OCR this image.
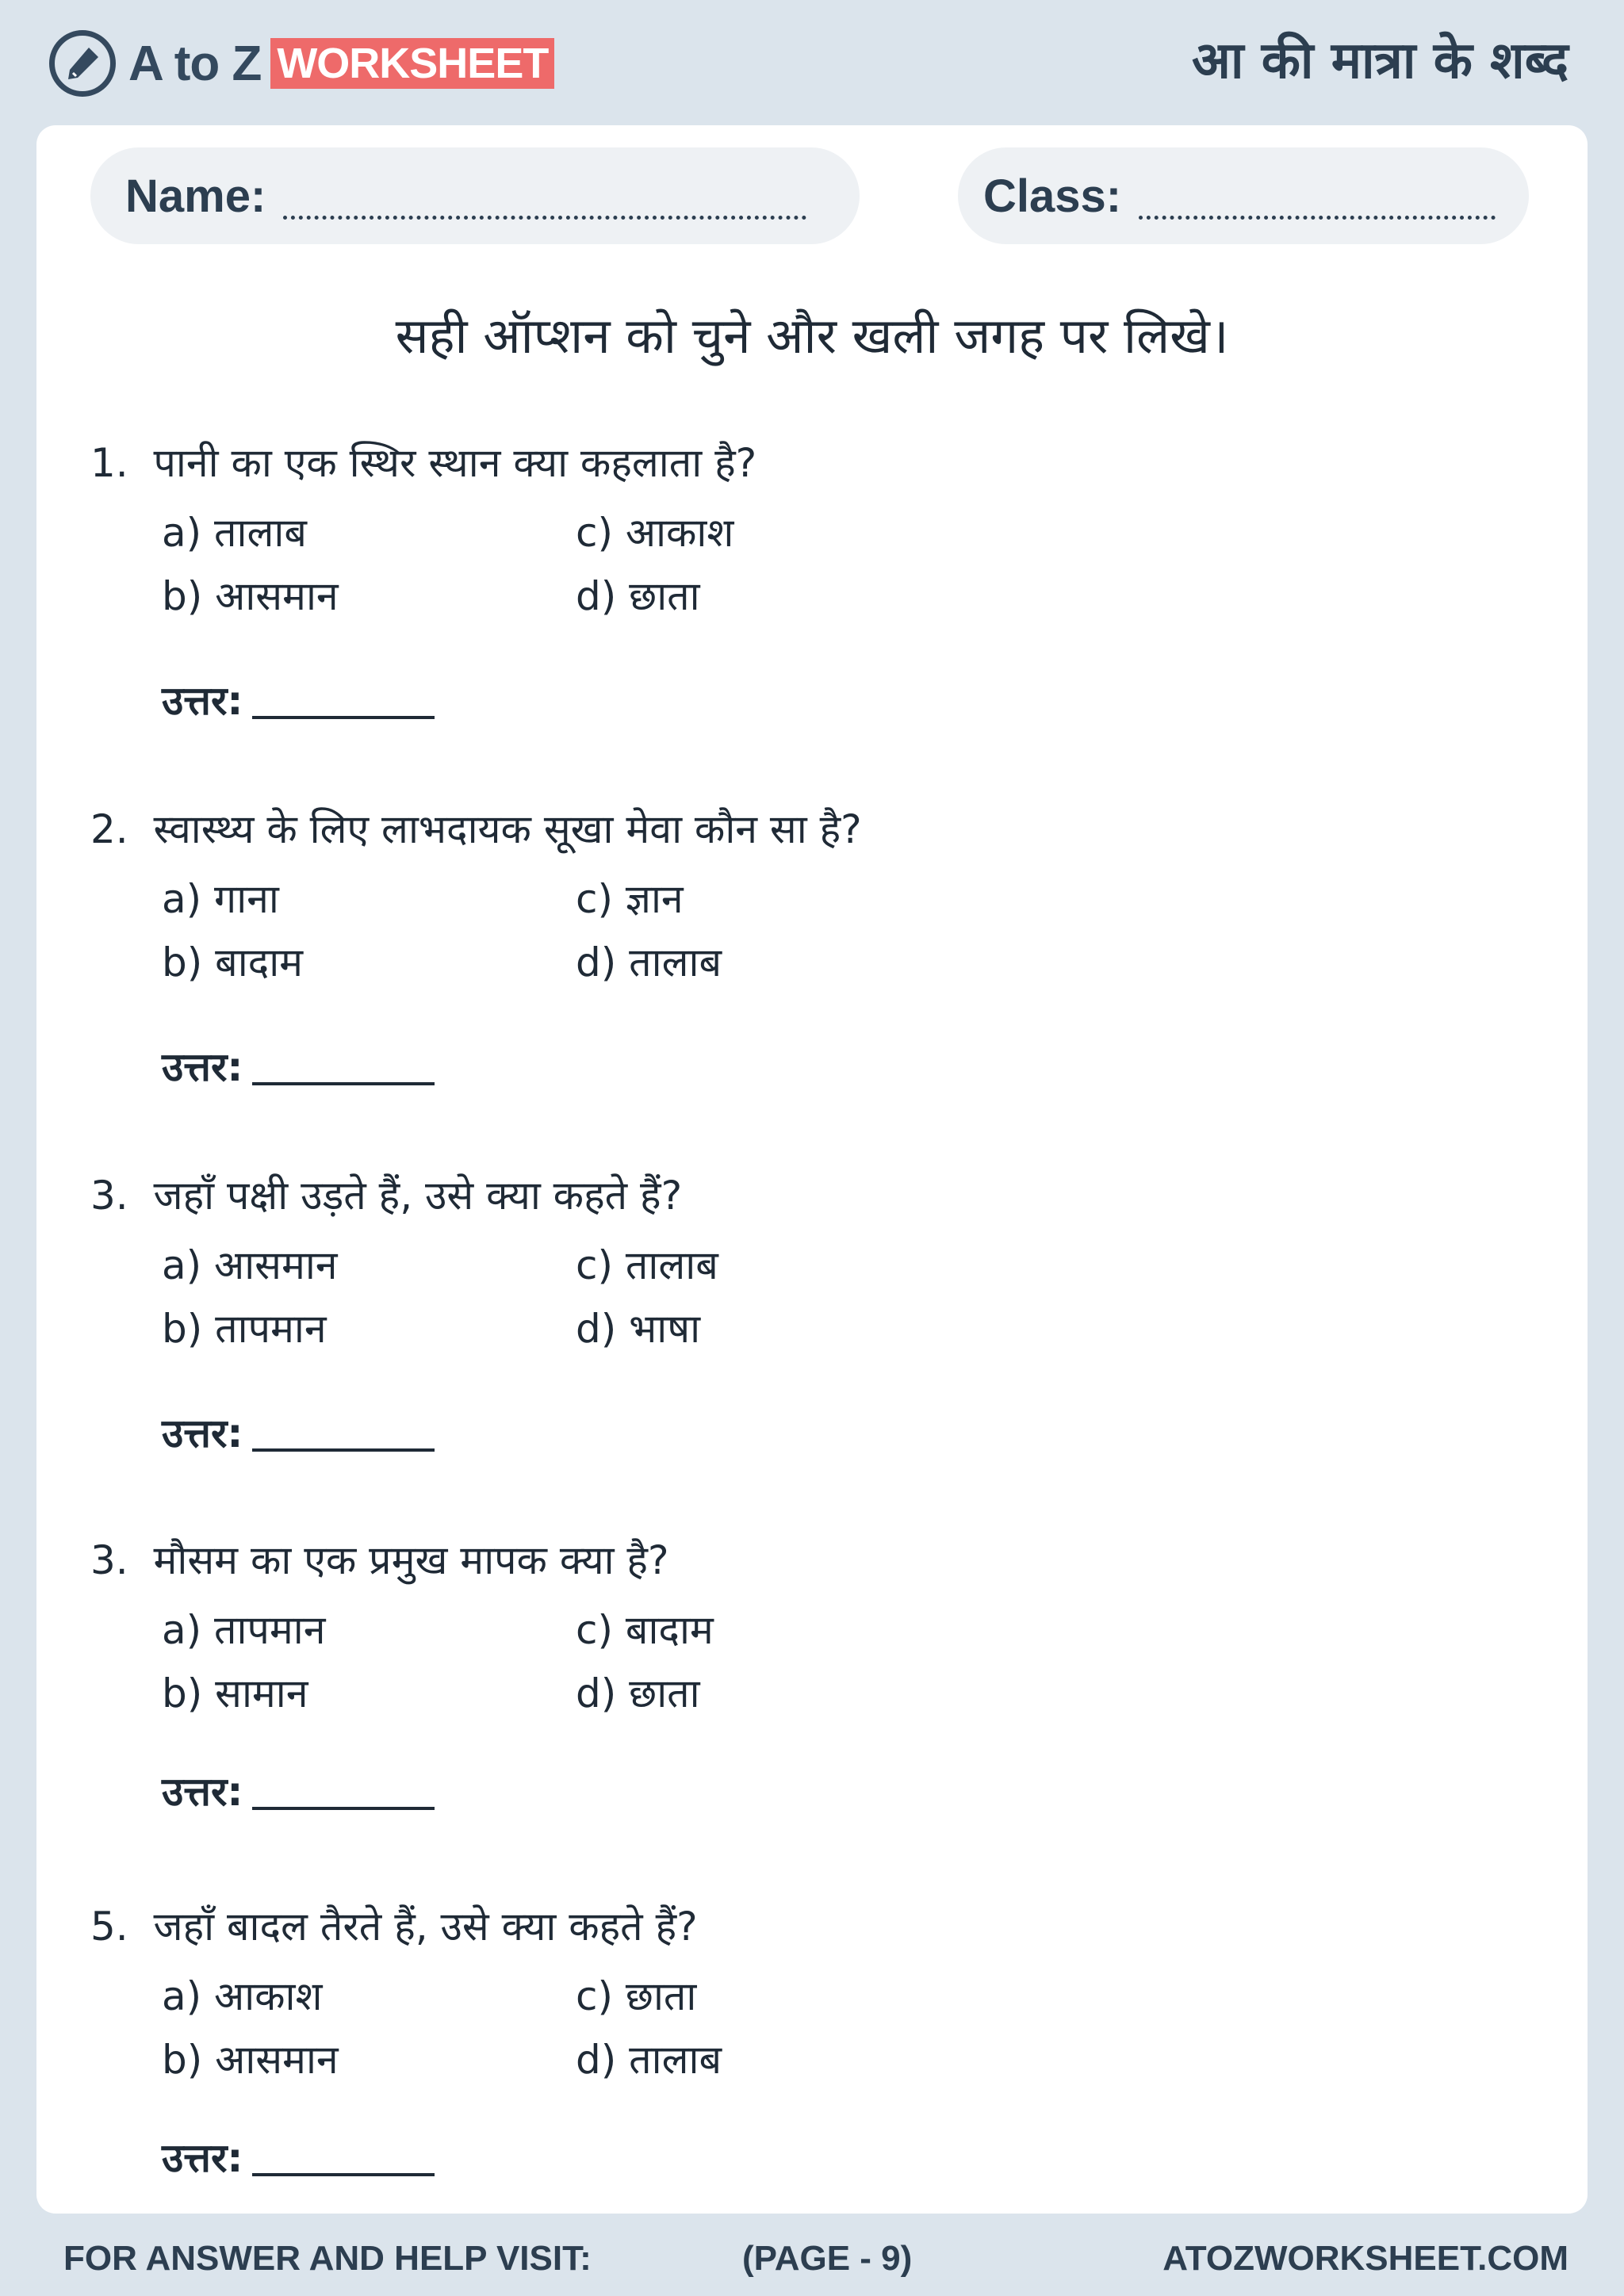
A to Z WORKSHEET	आ की मात्रा के शब्द
Name:	Class:
सही ऑप्शन को चुने और खली जगह पर लिखे।
1. पानी का एक स्थिर स्थान क्या कहलाता है?
a) तालाब
b) आसमान
c) आकाश
d) छाता
उत्तर:
2. स्वास्थ्य के लिए लाभदायक सूखा मेवा कौन सा है?
a) गाना
b) बादाम
c) ज्ञान
d) तालाब
उत्तर:
3. जहाँ पक्षी उड़ते हैं, उसे क्या कहते हैं?
a) आसमान
b) तापमान
c) तालाब
d) भाषा
उत्तर:
3. मौसम का एक प्रमुख मापक क्या है?
a) तापमान
b) सामान
c) बादाम
d) छाता
उत्तर:
5. जहाँ बादल तैरते हैं, उसे क्या कहते हैं?
a) आकाश
b) आसमान
c) छाता
d) तालाब
उत्तर:
FOR ANSWER AND HELP VISIT:	(PAGE - 9)	ATOZWORKSHEET.COM
